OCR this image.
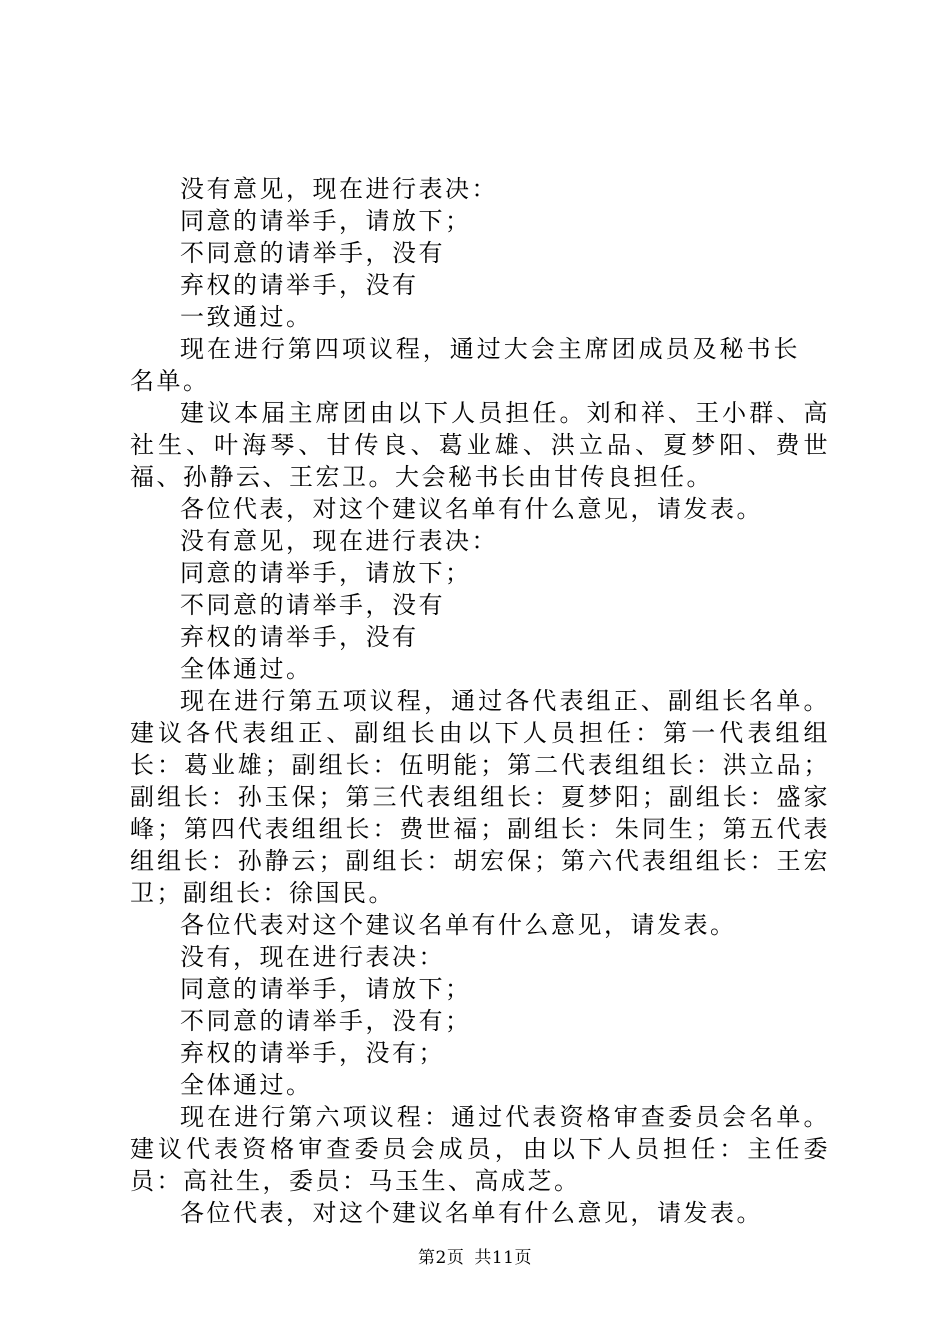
没有意见，现在进行表决：

同意的请举手，请放下；

不同意的请举手，没有

弃权的请举手，没有

一致通过。

现在进行第四项议程，通过大会主席团成员及秘书长名单。

建议本届主席团由以下人员担任。刘和祥、王小群、高社生、叶海琴、甘传良、葛业雄、洪立品、夏梦阳、费世福、孙静云、王宏卫。大会秘书长由甘传良担任。

各位代表，对这个建议名单有什么意见，请发表。

没有意见，现在进行表决：

同意的请举手，请放下；

不同意的请举手，没有

弃权的请举手，没有

全体通过。

现在进行第五项议程，通过各代表组正、副组长名单。建议各代表组正、副组长由以下人员担任：第一代表组组长：葛业雄；副组长：伍明能；第二代表组组长：洪立品；副组长：孙玉保；第三代表组组长：夏梦阳；副组长：盛家峰；第四代表组组长：费世福；副组长：朱同生；第五代表组组长：孙静云；副组长：胡宏保；第六代表组组长：王宏卫；副组长：徐国民。

各位代表对这个建议名单有什么意见，请发表。

没有，现在进行表决：

同意的请举手，请放下；

不同意的请举手，没有；

弃权的请举手，没有；

全体通过。

现在进行第六项议程：通过代表资格审查委员会名单。建议代表资格审查委员会成员，由以下人员担任：主任委员：高社生，委员：马玉生、高成芝。

各位代表，对这个建议名单有什么意见，请发表。

第2页 共11页
